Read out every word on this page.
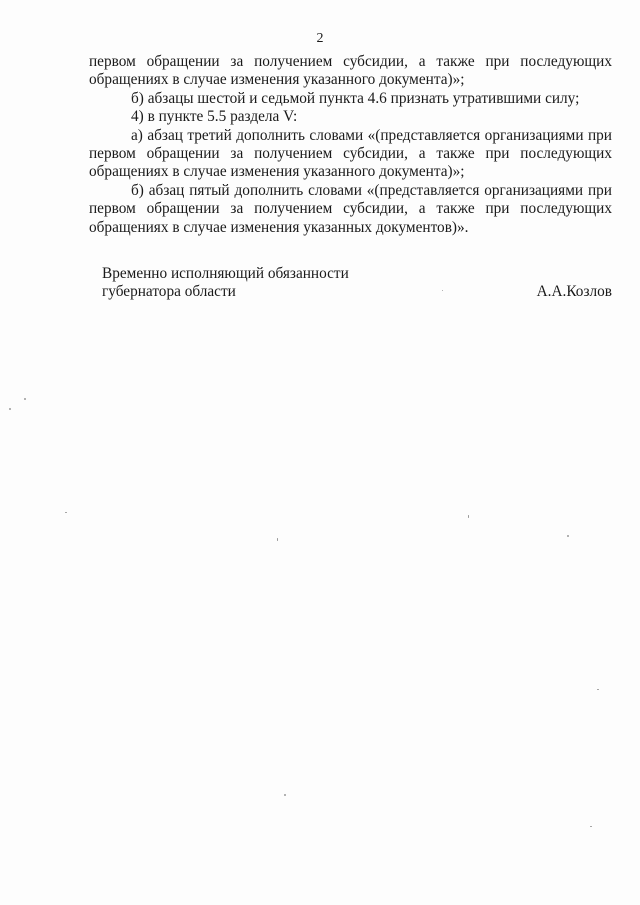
2

первом обращении за получением субсидии, а также при последующих обращениях в случае изменения указанного документа)»;

б) абзацы шестой и седьмой пункта 4.6 признать утратившими силу;

4) в пункте 5.5 раздела V:

а) абзац третий дополнить словами «(представляется организациями при первом обращении за получением субсидии, а также при последующих обращениях в случае изменения указанного документа)»;

б) абзац пятый дополнить словами «(представляется организациями при первом обращении за получением субсидии, а также при последующих обращениях в случае изменения указанных документов)».

Временно исполняющий обязанности
губернатора области	А.А.Козлов
